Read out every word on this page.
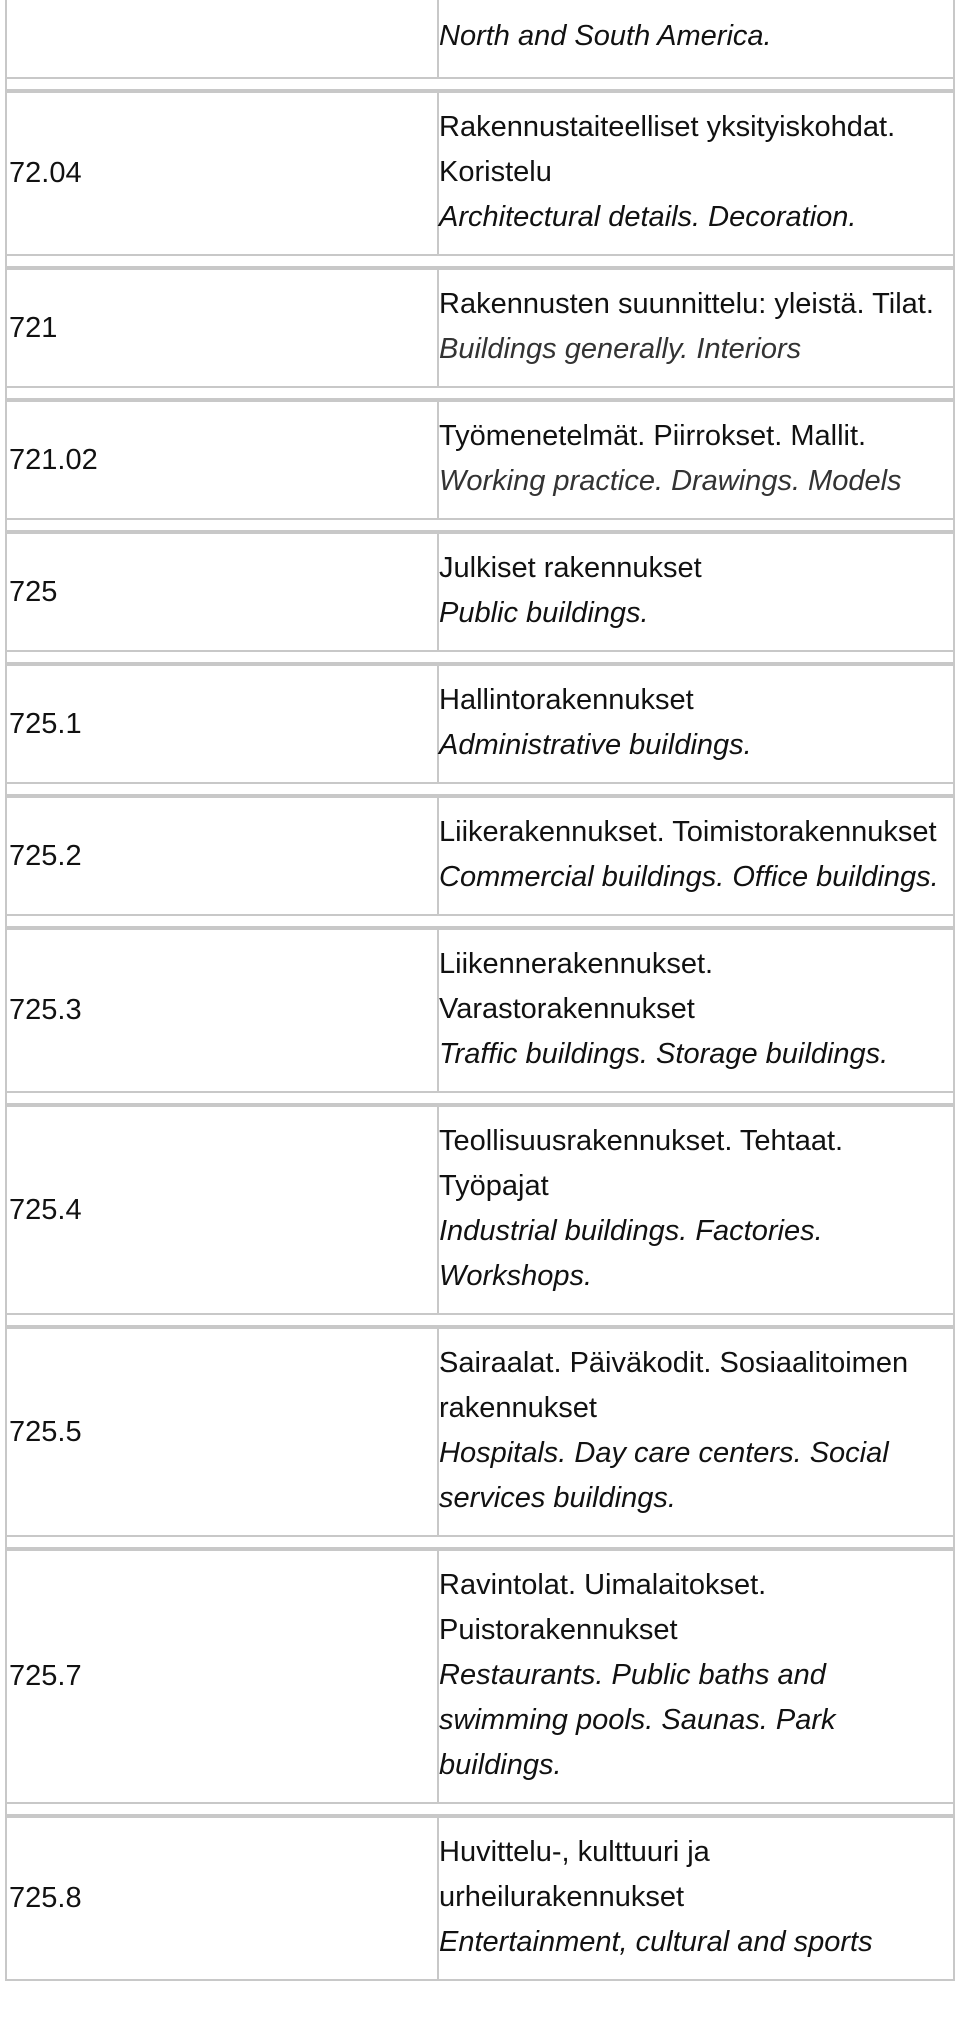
	North and South America.

72.04	Rakennustaiteelliset yksityiskohdat. Koristelu
Architectural details. Decoration.

721	Rakennusten suunnittelu: yleistä. Tilat.
Buildings generally. Interiors

721.02	Työmenetelmät. Piirrokset. Mallit.
Working practice. Drawings. Models

725	Julkiset rakennukset
Public buildings.

725.1	Hallintorakennukset
Administrative buildings.

725.2	Liikerakennukset. Toimistorakennukset
Commercial buildings. Office buildings.

725.3	Liikennerakennukset. Varastorakennukset
Traffic buildings. Storage buildings.

725.4	Teollisuusrakennukset. Tehtaat. Työpajat
Industrial buildings. Factories. Workshops.

725.5	Sairaalat. Päiväkodit. Sosiaalitoimen rakennukset
Hospitals. Day care centers. Social services buildings.

725.7	Ravintolat. Uimalaitokset. Puistorakennukset
Restaurants. Public baths and swimming pools. Saunas. Park buildings.

725.8	Huvittelu-, kulttuuri ja urheilurakennukset
Entertainment, cultural and sports
